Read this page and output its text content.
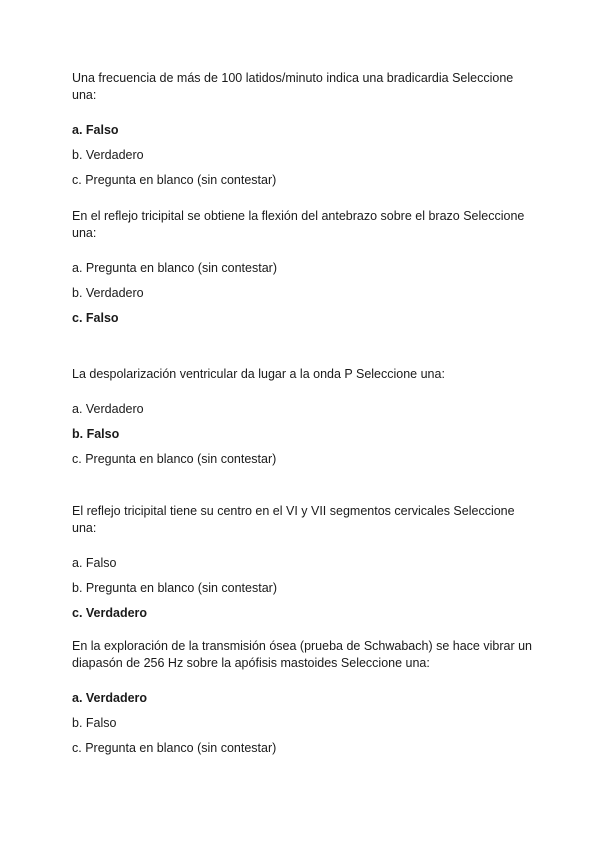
Una frecuencia de más de 100 latidos/minuto indica una bradicardia Seleccione una:

a. Falso
b. Verdadero
c. Pregunta en blanco (sin contestar)

En el reflejo tricipital se obtiene la flexión del antebrazo sobre el brazo Seleccione una:

a. Pregunta en blanco (sin contestar)
b. Verdadero
c. Falso

La despolarización ventricular da lugar a la onda P Seleccione una:

a. Verdadero
b. Falso
c. Pregunta en blanco (sin contestar)

El reflejo tricipital tiene su centro en el VI y VII segmentos cervicales Seleccione una:

a. Falso
b. Pregunta en blanco (sin contestar)
c. Verdadero

En la exploración de la transmisión ósea (prueba de Schwabach) se hace vibrar un diapasón de 256 Hz sobre la apófisis mastoides Seleccione una:

a. Verdadero
b. Falso
c. Pregunta en blanco (sin contestar)
